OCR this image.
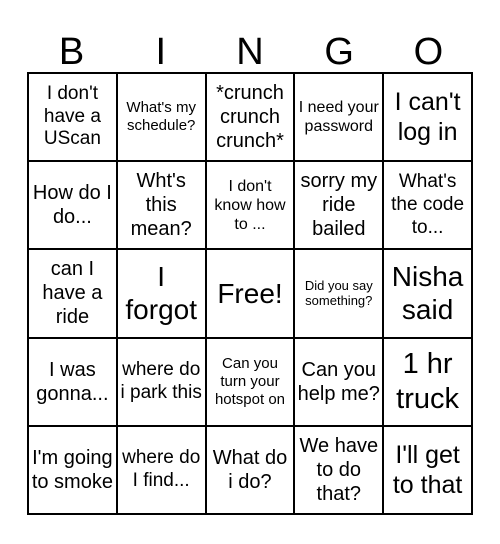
B	I	N	G	O
I don't have a UScan
What's my schedule?
*crunch crunch crunch*
I need your password
I can't log in
How do I do...
Wht's this mean?
I don't know how to ...
sorry my ride bailed
What's the code to...
can I have a ride
I forgot
Free!	Did you say something?
Nisha said
I was gonna...
where do i park this
Can you turn your hotspot on
Can you help me?
1 hr truck
I'm going to smoke
where do I find...
What do i do?
We have to do that?
I'll get to that
